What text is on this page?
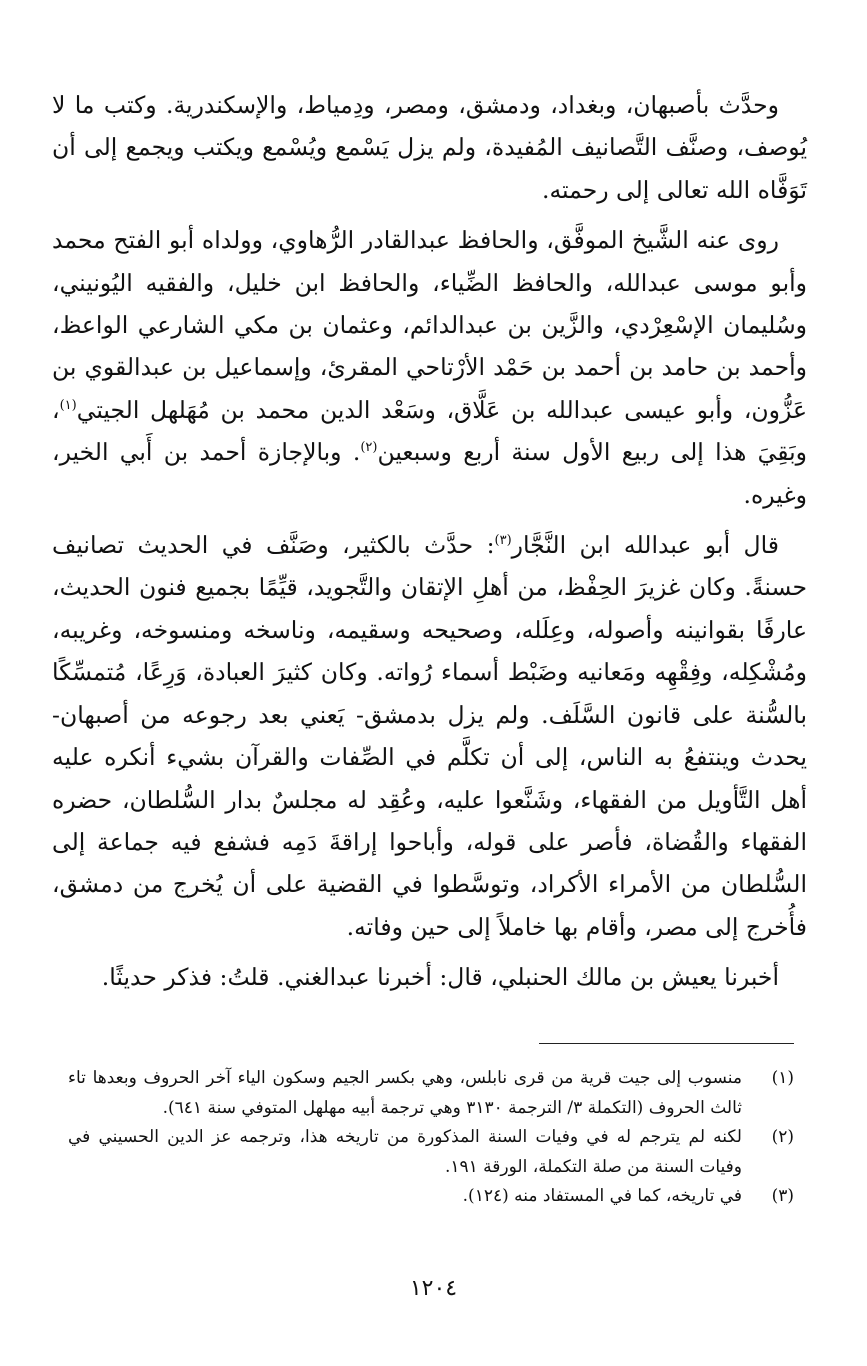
وحدَّث بأصبهان، وبغداد، ودمشق، ومصر، ودِمياط، والإسكندرية. وكتب ما لا يُوصف، وصنَّف التَّصانيف المُفيدة، ولم يزل يَسْمع ويُسْمع ويكتب ويجمع إلى أن تَوَفَّاه الله تعالى إلى رحمته.

روى عنه الشَّيخ الموفَّق، والحافظ عبدالقادر الرُّهاوي، وولداه أبو الفتح محمد وأبو موسى عبدالله، والحافظ الضِّياء، والحافظ ابن خليل، والفقيه اليُونيني، وسُليمان الإسْعِرْدي، والزَّين بن عبدالدائم، وعثمان بن مكي الشارعي الواعظ، وأحمد بن حامد بن أحمد بن حَمْد الأرْتاحي المقرئ، وإسماعيل بن عبدالقوي بن عَزُّون، وأبو عيسى عبدالله بن عَلَّاق، وسَعْد الدين محمد بن مُهَلهل الجيتي$^{(١)}$، وبَقِيَ هذا إلى ربيع الأول سنة أربع وسبعين$^{(٢)}$. وبالإجازة أحمد بن أَبي الخير، وغيره.

قال أبو عبدالله ابن النَّجَّار$^{(٣)}$: حدَّث بالكثير، وصَنَّف في الحديث تصانيف حسنةً. وكان غزيرَ الحِفْظ، من أهلِ الإتقان والتَّجويد، قيِّمًا بجميع فنون الحديث، عارفًا بقوانينه وأصوله، وعِلَله، وصحيحه وسقيمه، وناسخه ومنسوخه، وغريبه، ومُشْكِله، وفِقْهِه ومَعانيه وضَبْط أسماء رُواته. وكان كثيرَ العبادة، وَرِعًا، مُتمسِّكًا بالسُّنة على قانون السَّلَف. ولم يزل بدمشق- يَعني بعد رجوعه من أصبهان- يحدث وينتفعُ به الناس، إلى أن تكلَّم في الصِّفات والقرآن بشيء أنكره عليه أهل التَّأويل من الفقهاء، وشَنَّعوا عليه، وعُقِد له مجلسٌ بدار السُّلطان، حضره الفقهاء والقُضاة، فأصر على قوله، وأباحوا إراقةَ دَمِه فشفع فيه جماعة إلى السُّلطان من الأمراء الأكراد، وتوسَّطوا في القضية على أن يُخرج من دمشق، فأُخرج إلى مصر، وأقام بها خاملاً إلى حين وفاته.

أخبرنا يعيش بن مالك الحنبلي، قال: أخبرنا عبدالغني. قلتُ: فذكر حديثًا.

(١)
منسوب إلى جيت قرية من قرى نابلس، وهي بكسر الجيم وسكون الياء آخر الحروف وبعدها تاء ثالث الحروف (التكملة ٣/ الترجمة ٣١٣٠ وهي ترجمة أبيه مهلهل المتوفي سنة ٦٤١).
(٢)
لكنه لم يترجم له في وفيات السنة المذكورة من تاريخه هذا، وترجمه عز الدين الحسيني في وفيات السنة من صلة التكملة، الورقة ١٩١.
(٣)
في تاريخه، كما في المستفاد منه (١٢٤).
١٢٠٤
